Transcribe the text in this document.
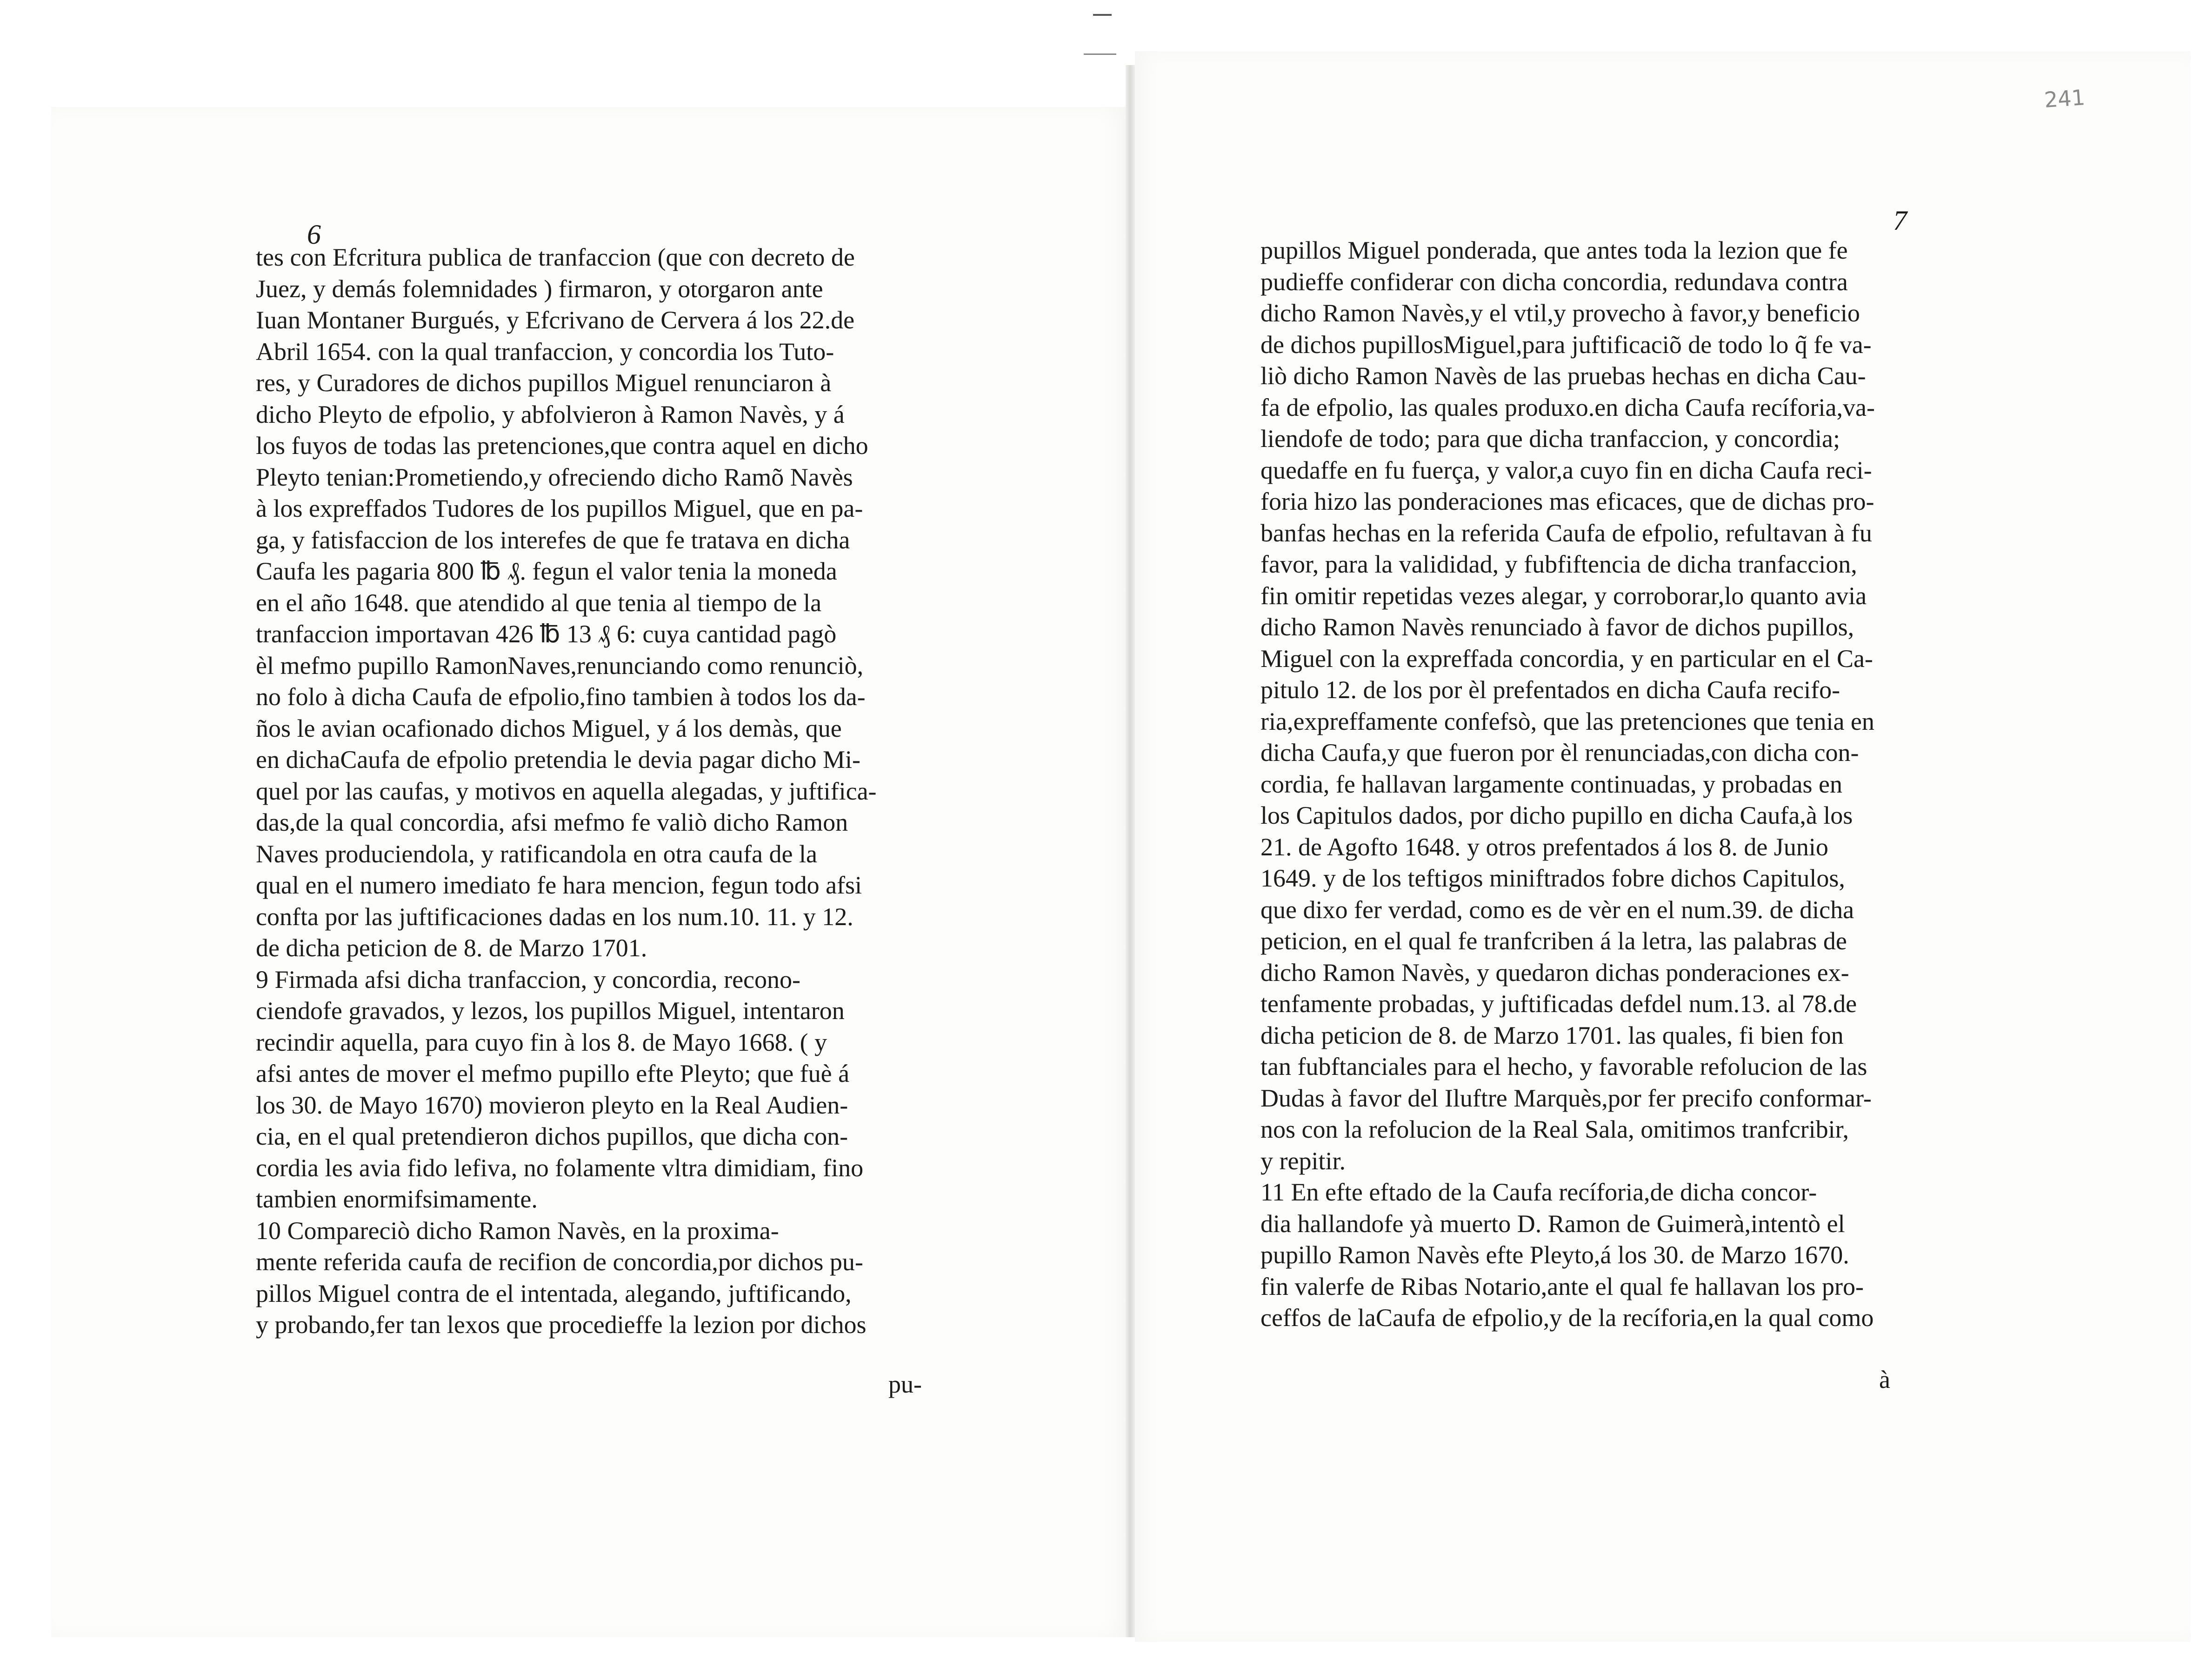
6	7
241
tes con Efcritura publica de tranfaccion (que con decreto de
Juez, y demás folemnidades ) firmaron, y otorgaron ante
Iuan Montaner Burgués, y Efcrivano de Cervera á los 22.de
Abril 1654. con la qual tranfaccion, y concordia los Tuto-
res, y Curadores de dichos pupillos Miguel renunciaron à
dicho Pleyto de efpolio, y abfolvieron à Ramon Navès, y á
los fuyos de todas las pretenciones,que contra aquel en dicho
Pleyto tenian:Prometiendo,y ofreciendo dicho Ramõ Navès
à los expreffados Tudores de los pupillos Miguel, que en pa-
ga, y fatisfaccion de los interefes de que fe tratava en dicha
Caufa les pagaria 800 ℔ ₰. fegun el valor tenia la moneda
en el año 1648. que atendido al que tenia al tiempo de la
tranfaccion importavan 426 ℔ 13 ₰ 6: cuya cantidad pagò
èl mefmo pupillo RamonNaves,renunciando como renunciò,
no folo à dicha Caufa de efpolio,fino tambien à todos los da-
ños le avian ocafionado dichos Miguel, y á los demàs, que
en dichaCaufa de efpolio pretendia le devia pagar dicho Mi-
quel por las caufas, y motivos en aquella alegadas, y juftifica-
das,de la qual concordia, afsi mefmo fe valiò dicho Ramon
Naves produciendola, y ratificandola en otra caufa de la
qual en el numero imediato fe hara mencion, fegun todo afsi
confta por las juftificaciones dadas en los num.10. 11. y 12.
de dicha peticion de 8. de Marzo 1701.
9 Firmada afsi dicha tranfaccion, y concordia, recono-
ciendofe gravados, y lezos, los pupillos Miguel, intentaron
recindir aquella, para cuyo fin à los 8. de Mayo 1668. ( y
afsi antes de mover el mefmo pupillo efte Pleyto; que fuè á
los 30. de Mayo 1670) movieron pleyto en la Real Audien-
cia, en el qual pretendieron dichos pupillos, que dicha con-
cordia les avia fido lefiva, no folamente vltra dimidiam, fino
tambien enormifsimamente.
10 Compareciò dicho Ramon Navès, en la proxima-
mente referida caufa de recifion de concordia,por dichos pu-
pillos Miguel contra de el intentada, alegando, juftificando,
y probando,fer tan lexos que procedieffe la lezion por dichos
pu-
pupillos Miguel ponderada, que antes toda la lezion que fe
pudieffe confiderar con dicha concordia, redundava contra
dicho Ramon Navès,y el vtil,y provecho à favor,y beneficio
de dichos pupillosMiguel,para juftificaciõ de todo lo q̃ fe va-
liò dicho Ramon Navès de las pruebas hechas en dicha Cau-
fa de efpolio, las quales produxo.en dicha Caufa recíforia,va-
liendofe de todo; para que dicha tranfaccion, y concordia;
quedaffe en fu fuerça, y valor,a cuyo fin en dicha Caufa reci-
foria hizo las ponderaciones mas eficaces, que de dichas pro-
banfas hechas en la referida Caufa de efpolio, refultavan à fu
favor, para la valididad, y fubfiftencia de dicha tranfaccion,
fin omitir repetidas vezes alegar, y corroborar,lo quanto avia
dicho Ramon Navès renunciado à favor de dichos pupillos,
Miguel con la expreffada concordia, y en particular en el Ca-
pitulo 12. de los por èl prefentados en dicha Caufa recifo-
ria,expreffamente confefsò, que las pretenciones que tenia en
dicha Caufa,y que fueron por èl renunciadas,con dicha con-
cordia, fe hallavan largamente continuadas, y probadas en
los Capitulos dados, por dicho pupillo en dicha Caufa,à los
21. de Agofto 1648. y otros prefentados á los 8. de Junio
1649. y de los teftigos miniftrados fobre dichos Capitulos,
que dixo fer verdad, como es de vèr en el num.39. de dicha
peticion, en el qual fe tranfcriben á la letra, las palabras de
dicho Ramon Navès, y quedaron dichas ponderaciones ex-
tenfamente probadas, y juftificadas defdel num.13. al 78.de
dicha peticion de 8. de Marzo 1701. las quales, fi bien fon
tan fubftanciales para el hecho, y favorable refolucion de las
Dudas à favor del Iluftre Marquès,por fer precifo conformar-
nos con la refolucion de la Real Sala, omitimos tranfcribir,
y repitir.
11 En efte eftado de la Caufa recíforia,de dicha concor-
dia hallandofe yà muerto D. Ramon de Guimerà,intentò el
pupillo Ramon Navès efte Pleyto,á los 30. de Marzo 1670.
fin valerfe de Ribas Notario,ante el qual fe hallavan los pro-
ceffos de laCaufa de efpolio,y de la recíforia,en la qual como
à
